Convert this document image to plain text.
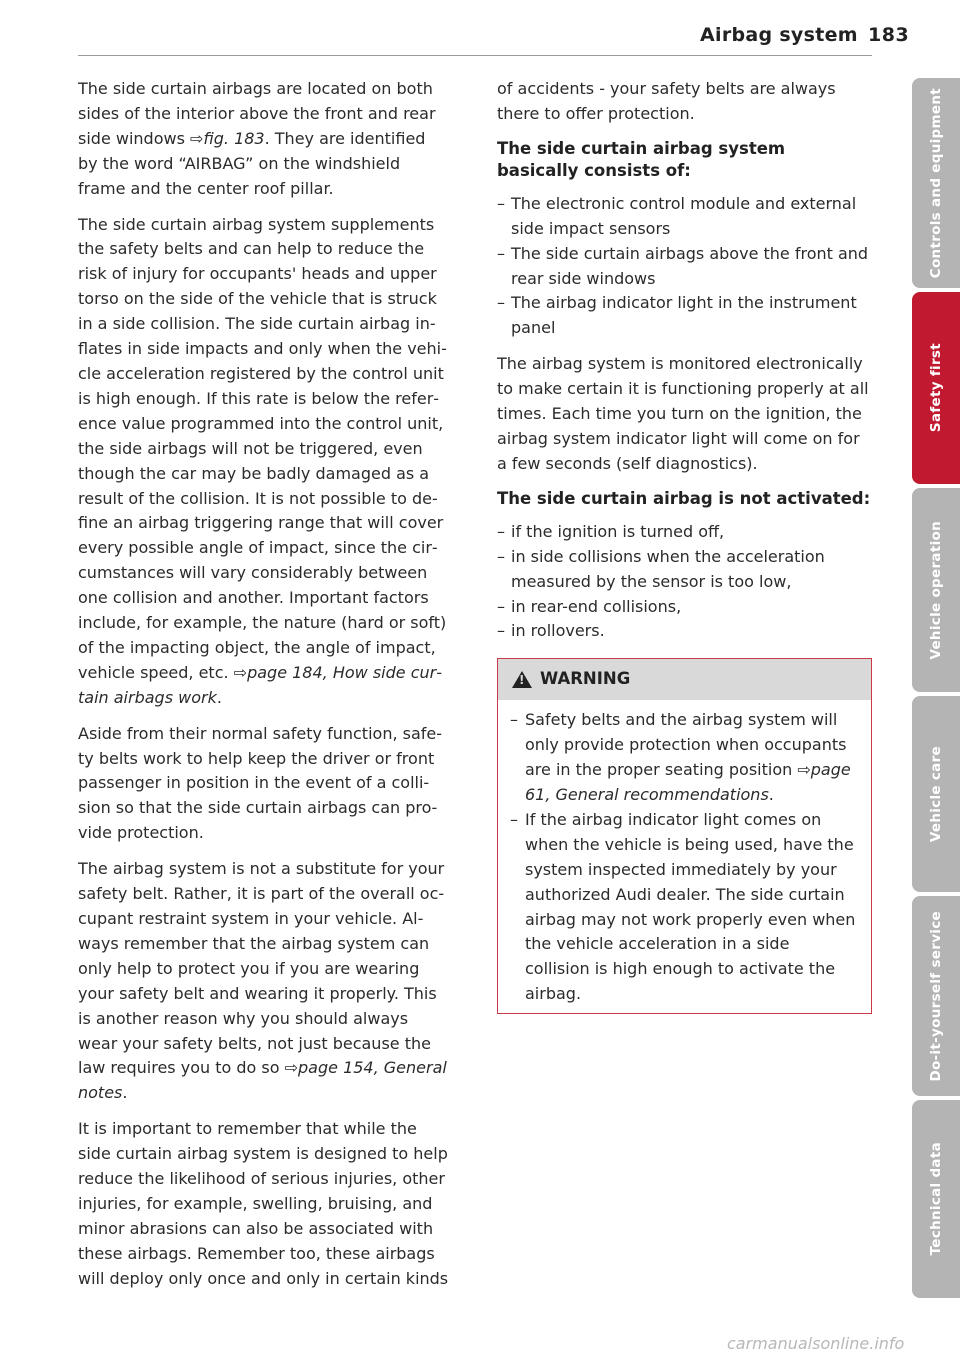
Airbag system 183

The side curtain airbags are located on both sides of the interior above the front and rear side windows ⇨fig. 183. They are identified by the word “AIRBAG” on the windshield frame and the center roof pillar.

The side curtain airbag system supplements the safety belts and can help to reduce the risk of injury for occupants' heads and upper torso on the side of the vehicle that is struck in a side collision. The side curtain airbag inflates in side impacts and only when the vehicle acceleration registered by the control unit is high enough. If this rate is below the reference value programmed into the control unit, the side airbags will not be triggered, even though the car may be badly damaged as a result of the collision. It is not possible to define an airbag triggering range that will cover every possible angle of impact, since the circumstances will vary considerably between one collision and another. Important factors include, for example, the nature (hard or soft) of the impacting object, the angle of impact, vehicle speed, etc. ⇨page 184, How side curtain airbags work.

Aside from their normal safety function, safety belts work to help keep the driver or front passenger in position in the event of a collision so that the side curtain airbags can provide protection.

The airbag system is not a substitute for your safety belt. Rather, it is part of the overall occupant restraint system in your vehicle. Always remember that the airbag system can only help to protect you if you are wearing your safety belt and wearing it properly. This is another reason why you should always wear your safety belts, not just because the law requires you to do so ⇨page 154, General notes.

It is important to remember that while the side curtain airbag system is designed to help reduce the likelihood of serious injuries, other injuries, for example, swelling, bruising, and minor abrasions can also be associated with these airbags. Remember too, these airbags will deploy only once and only in certain kinds

of accidents - your safety belts are always there to offer protection.

The side curtain airbag system basically consists of:
– The electronic control module and external side impact sensors
– The side curtain airbags above the front and rear side windows
– The airbag indicator light in the instrument panel

The airbag system is monitored electronically to make certain it is functioning properly at all times. Each time you turn on the ignition, the airbag system indicator light will come on for a few seconds (self diagnostics).

The side curtain airbag is not activated:
– if the ignition is turned off,
– in side collisions when the acceleration measured by the sensor is too low,
– in rear-end collisions,
– in rollovers.
! WARNING
– Safety belts and the airbag system will only provide protection when occupants are in the proper seating position ⇨page 61, General recommendations.
– If the airbag indicator light comes on when the vehicle is being used, have the system inspected immediately by your authorized Audi dealer. The side curtain airbag may not work properly even when the vehicle acceleration in a side collision is high enough to activate the airbag.
Controls and equipment
Safety first
Vehicle operation
Vehicle care
Do-it-yourself service
Technical data
carmanualsonline.info
